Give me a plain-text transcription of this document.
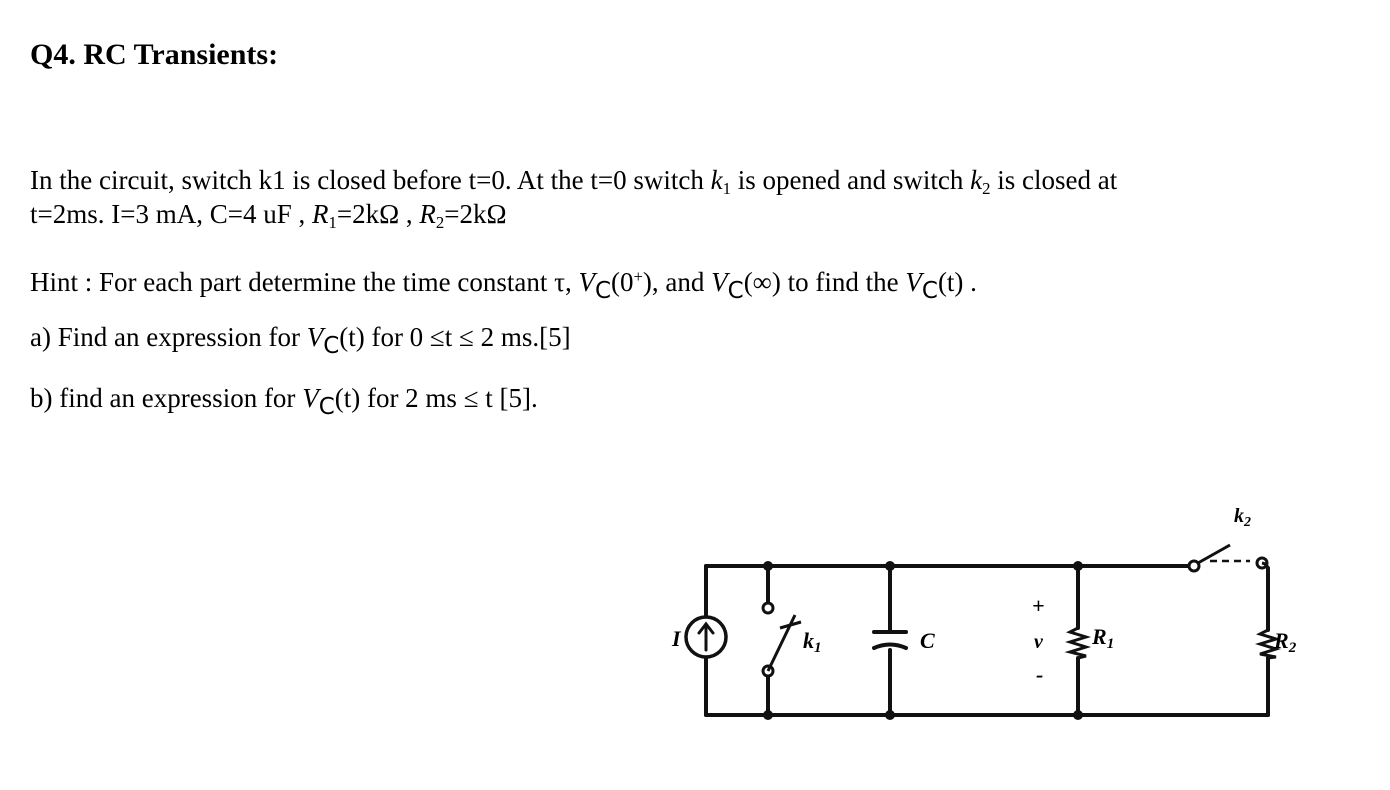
Q4. RC Transients:
In the circuit, switch k1 is closed before t=0. At the t=0 switch $k_1$ is opened and switch $k_2$ is closed at
t=2ms. I=3 mA, C=4 uF , $R_1=2k\Omega$ , $R_2=2k\Omega$
Hint : For each part determine the time constant τ, $V_C(0^+)$, and $V_C(\infty)$ to find the $V_C(t)$ .
a) Find an expression for $V_C(t)$ for 0 ≤t ≤ 2 ms.[5]
b) find an expression for $V_C(t)$ for 2 ms ≤ t [5].
I	k1	C
+
v
-
R1
$k_2$
R2
